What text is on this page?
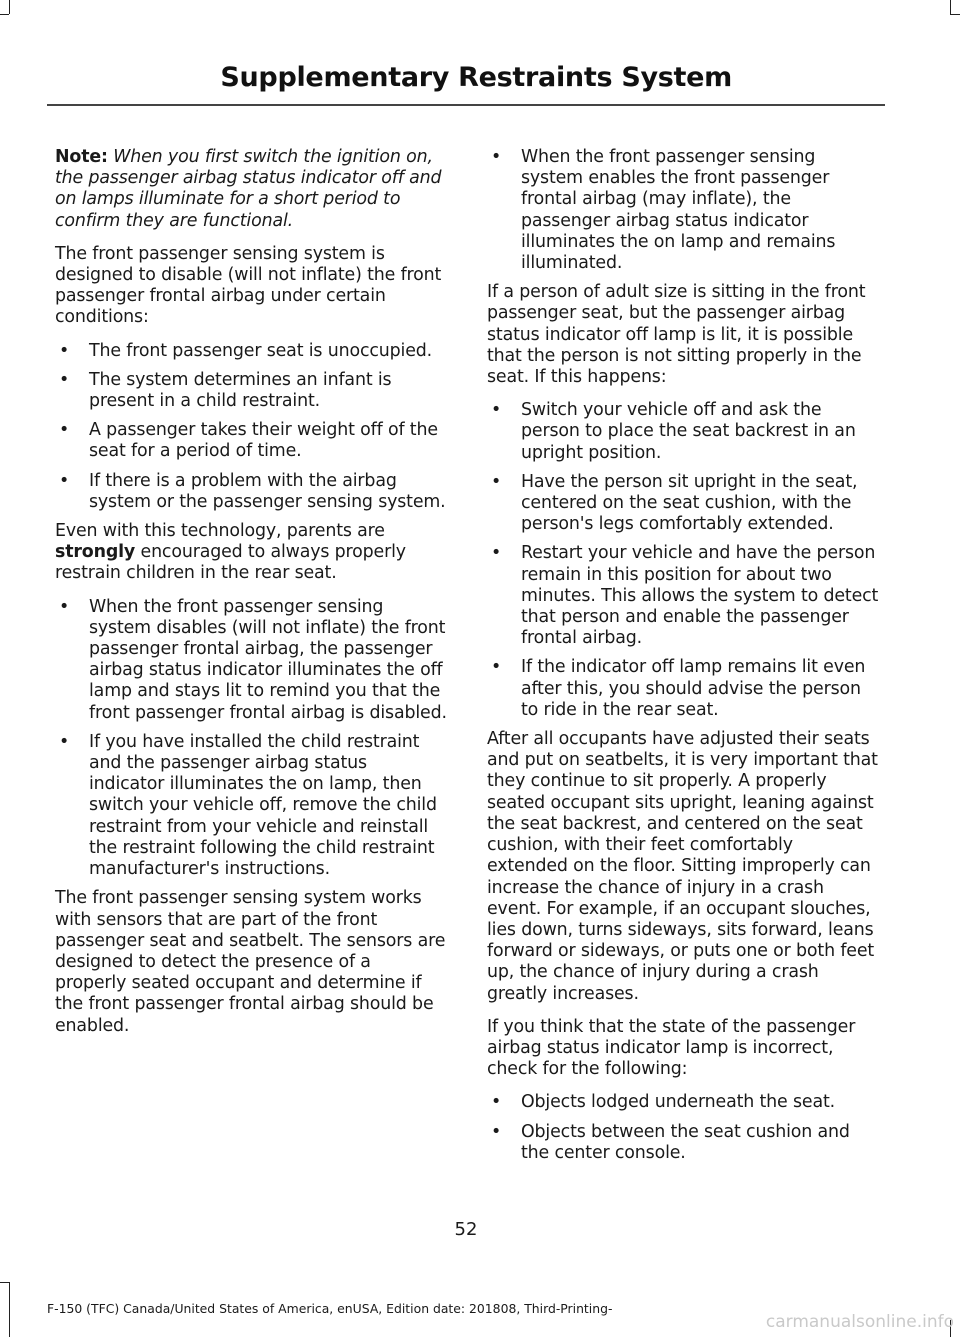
Supplementary Restraints System

Note: When you first switch the ignition on, the passenger airbag status indicator off and on lamps illuminate for a short period to confirm they are functional.

The front passenger sensing system is designed to disable (will not inflate) the front passenger frontal airbag under certain conditions:

• The front passenger seat is unoccupied.
• The system determines an infant is present in a child restraint.
• A passenger takes their weight off of the seat for a period of time.
• If there is a problem with the airbag system or the passenger sensing system.

Even with this technology, parents are strongly encouraged to always properly restrain children in the rear seat.

• When the front passenger sensing system disables (will not inflate) the front passenger frontal airbag, the passenger airbag status indicator illuminates the off lamp and stays lit to remind you that the front passenger frontal airbag is disabled.
• If you have installed the child restraint and the passenger airbag status indicator illuminates the on lamp, then switch your vehicle off, remove the child restraint from your vehicle and reinstall the restraint following the child restraint manufacturer's instructions.

The front passenger sensing system works with sensors that are part of the front passenger seat and seatbelt. The sensors are designed to detect the presence of a properly seated occupant and determine if the front passenger frontal airbag should be enabled.

• When the front passenger sensing system enables the front passenger frontal airbag (may inflate), the passenger airbag status indicator illuminates the on lamp and remains illuminated.

If a person of adult size is sitting in the front passenger seat, but the passenger airbag status indicator off lamp is lit, it is possible that the person is not sitting properly in the seat. If this happens:

• Switch your vehicle off and ask the person to place the seat backrest in an upright position.
• Have the person sit upright in the seat, centered on the seat cushion, with the person's legs comfortably extended.
• Restart your vehicle and have the person remain in this position for about two minutes. This allows the system to detect that person and enable the passenger frontal airbag.
• If the indicator off lamp remains lit even after this, you should advise the person to ride in the rear seat.

After all occupants have adjusted their seats and put on seatbelts, it is very important that they continue to sit properly. A properly seated occupant sits upright, leaning against the seat backrest, and centered on the seat cushion, with their feet comfortably extended on the floor. Sitting improperly can increase the chance of injury in a crash event. For example, if an occupant slouches, lies down, turns sideways, sits forward, leans forward or sideways, or puts one or both feet up, the chance of injury during a crash greatly increases.

If you think that the state of the passenger airbag status indicator lamp is incorrect, check for the following:

• Objects lodged underneath the seat.
• Objects between the seat cushion and the center console.
52
F-150 (TFC) Canada/United States of America, enUSA, Edition date: 201808, Third-Printing-
carmanualsonline.info
